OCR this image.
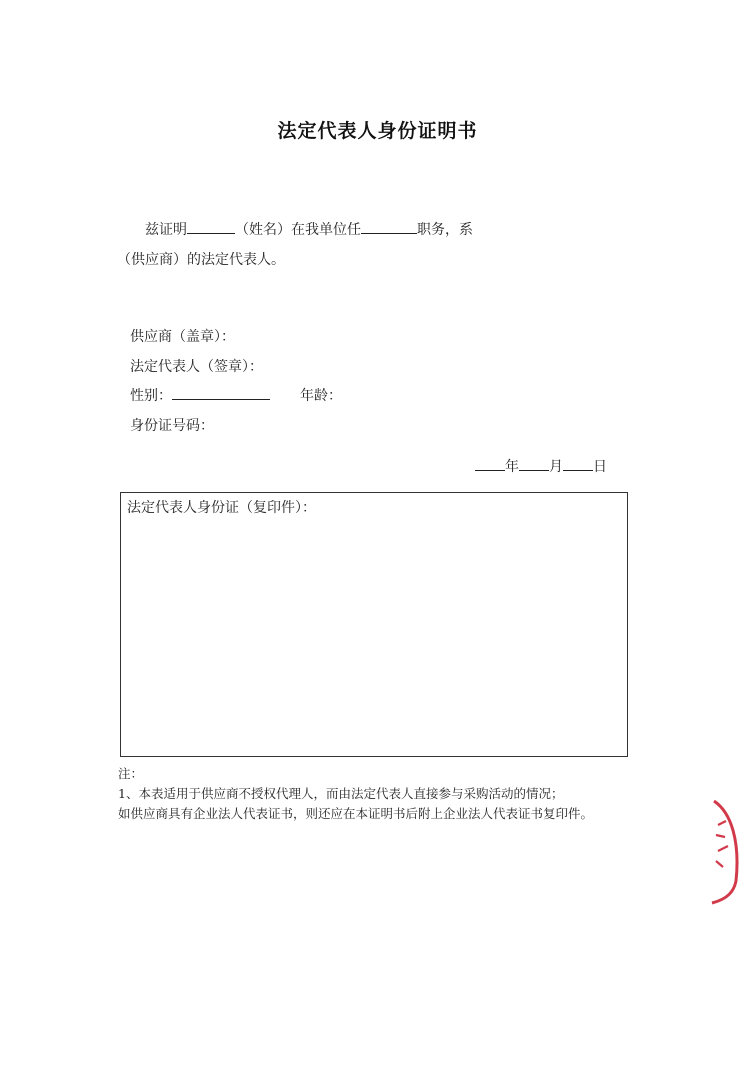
法定代表人身份证明书
兹证明	（姓名）在我单位任	职务，系
（供应商）的法定代表人。
供应商（盖章）：
法定代表人（签章）：
性别：	年龄：
身份证号码：
年 月 日
法定代表人身份证（复印件）：
注：
1、本表适用于供应商不授权代理人，而由法定代表人直接参与采购活动的情况；
如供应商具有企业法人代表证书，则还应在本证明书后附上企业法人代表证书复印件。
